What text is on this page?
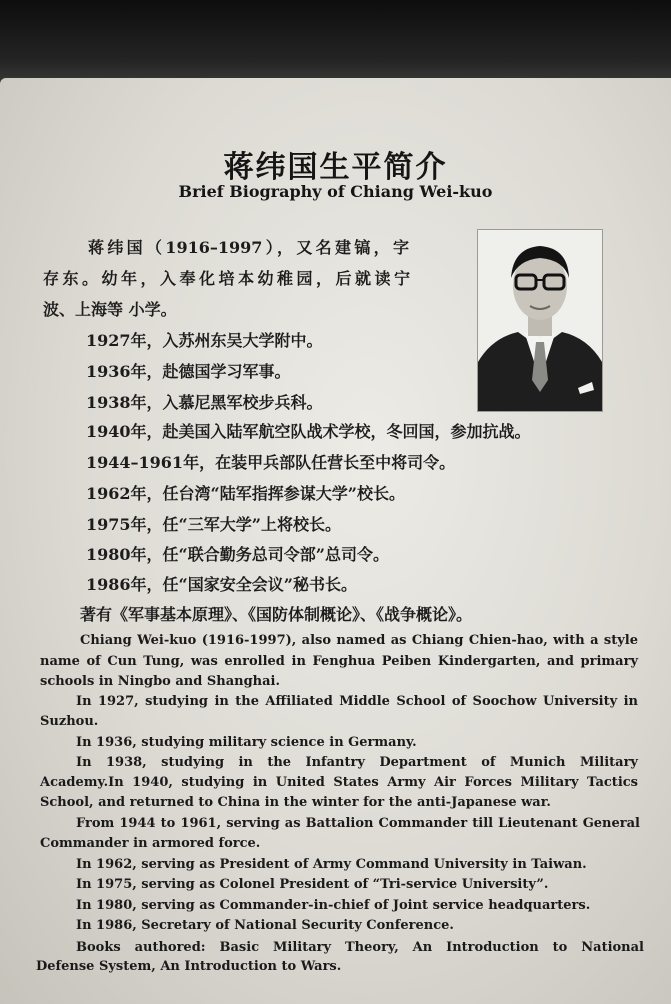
蒋纬国生平简介
Brief Biography of Chiang Wei-kuo
蒋纬国（1916–1997），又名建镐，字
存东。幼年，入奉化培本幼稚园，后就读宁
波、上海等 小学。
1927年，入苏州东吴大学附中。
1936年，赴德国学习军事。
1938年，入慕尼黑军校步兵科。
1940年，赴美国入陆军航空队战术学校，冬回国，参加抗战。
1944–1961年，在装甲兵部队任营长至中将司令。
1962年，任台湾“陆军指挥参谋大学”校长。
1975年，任“三军大学”上将校长。
1980年，任“联合勤务总司令部”总司令。
1986年，任“国家安全会议”秘书长。
著有《军事基本原理》、《国防体制概论》、《战争概论》。
Chiang Wei-kuo (1916-1997), also named as Chiang Chien-hao, with a style
name of Cun Tung, was enrolled in Fenghua Peiben Kindergarten, and primary
schools in Ningbo and Shanghai.
In 1927, studying in the Affiliated Middle School of Soochow University in
Suzhou.
In 1936, studying military science in Germany.
In 1938, studying in the Infantry Department of Munich Military
Academy.In 1940, studying in United States Army Air Forces Military Tactics
School, and returned to China in the winter for the anti-Japanese war.
From 1944 to 1961, serving as Battalion Commander till Lieutenant General
Commander in armored force.
In 1962, serving as President of Army Command University in Taiwan.
In 1975, serving as Colonel President of “Tri-service University”.
In 1980, serving as Commander-in-chief of Joint service headquarters.
In 1986, Secretary of National Security Conference.
Books authored: Basic Military Theory, An Introduction to National
Defense System, An Introduction to Wars.
